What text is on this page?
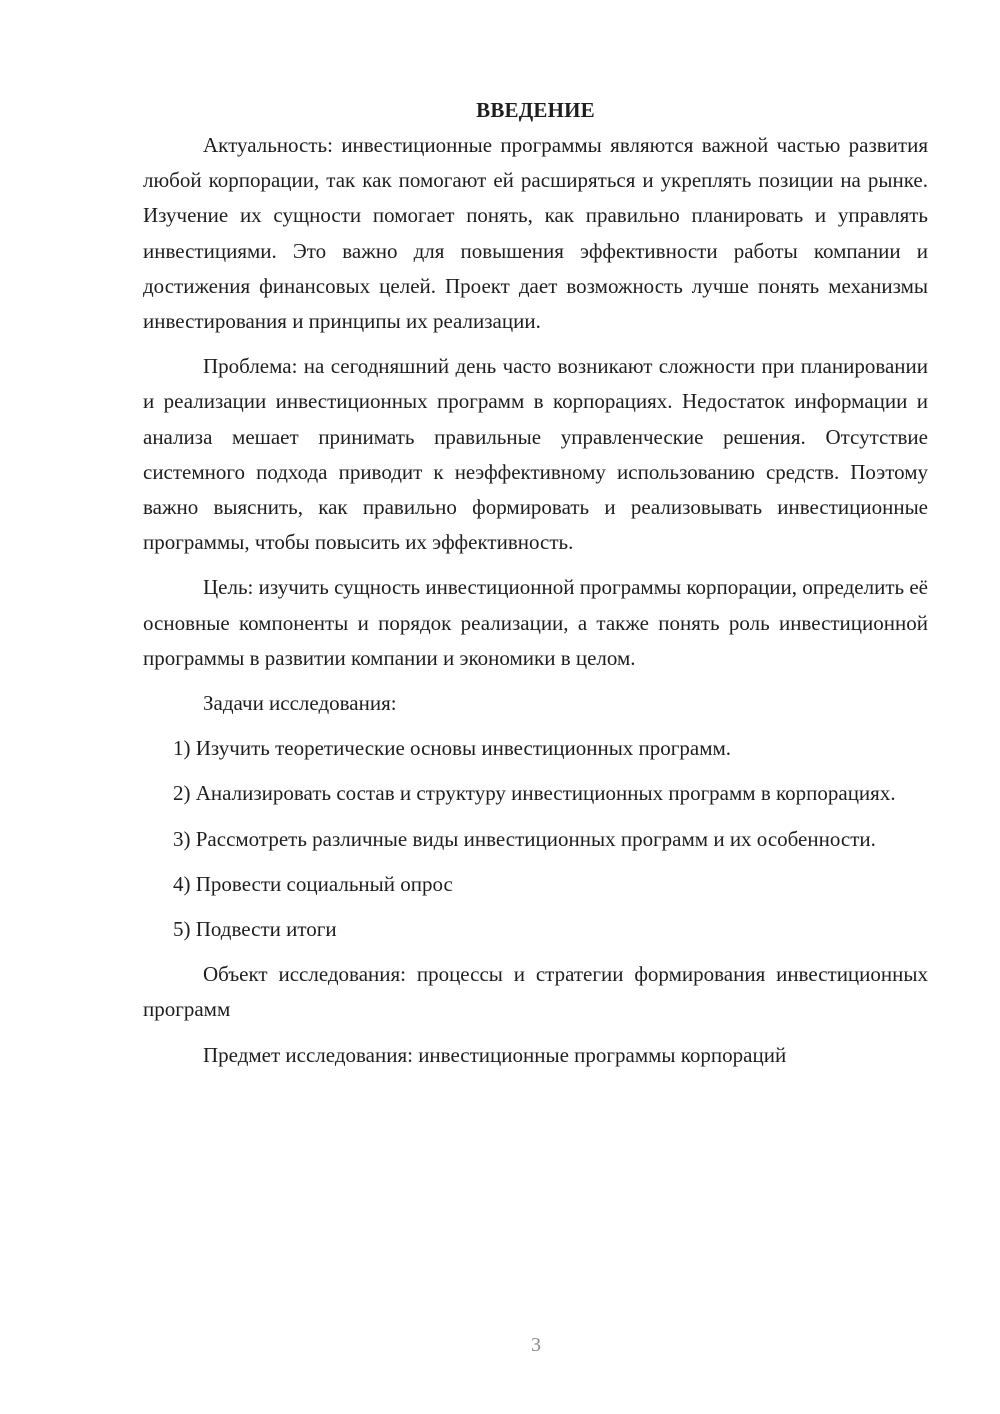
ВВЕДЕНИЕ

Актуальность: инвестиционные программы являются важной частью развития любой корпорации, так как помогают ей расширяться и укреплять позиции на рынке. Изучение их сущности помогает понять, как правильно планировать и управлять инвестициями. Это важно для повышения эффективности работы компании и достижения финансовых целей. Проект дает возможность лучше понять механизмы инвестирования и принципы их реализации.

Проблема: на сегодняшний день часто возникают сложности при планировании и реализации инвестиционных программ в корпорациях. Недостаток информации и анализа мешает принимать правильные управленческие решения. Отсутствие системного подхода приводит к неэффективному использованию средств. Поэтому важно выяснить, как правильно формировать и реализовывать инвестиционные программы, чтобы повысить их эффективность.

Цель: изучить сущность инвестиционной программы корпорации, определить её основные компоненты и порядок реализации, а также понять роль инвестиционной программы в развитии компании и экономики в целом.

Задачи исследования:

1) Изучить теоретические основы инвестиционных программ.

2) Анализировать состав и структуру инвестиционных программ в корпорациях.

3) Рассмотреть различные виды инвестиционных программ и их особенности.

4) Провести социальный опрос

5) Подвести итоги

Объект исследования: процессы и стратегии формирования инвестиционных программ

Предмет исследования: инвестиционные программы корпораций

3
